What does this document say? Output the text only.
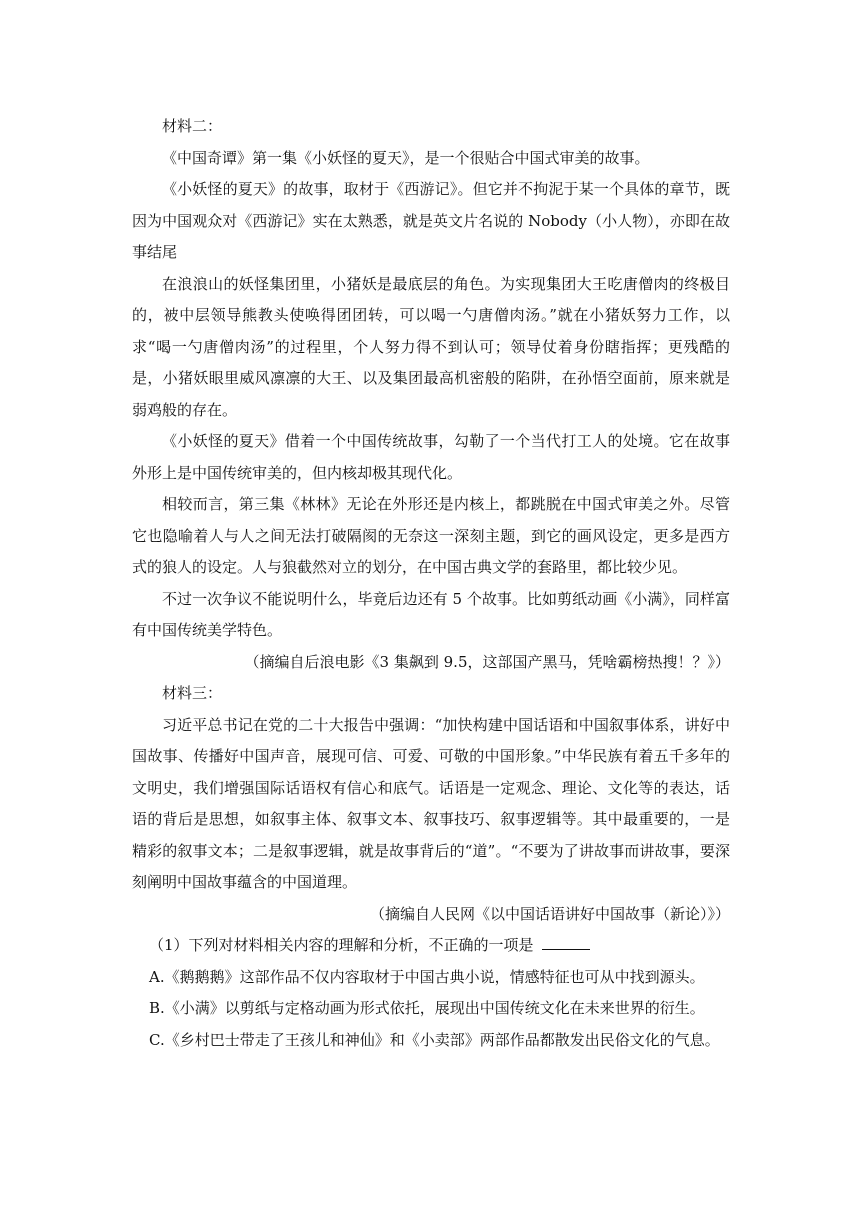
材料二：

《中国奇谭》第一集《小妖怪的夏天》，是一个很贴合中国式审美的故事。

《小妖怪的夏天》的故事，取材于《西游记》。但它并不拘泥于某一个具体的章节，既因为中国观众对《西游记》实在太熟悉，就是英文片名说的 Nobody（小人物），亦即在故事结尾

在浪浪山的妖怪集团里，小猪妖是最底层的角色。为实现集团大王吃唐僧肉的终极目的，被中层领导熊教头使唤得团团转，可以喝一勺唐僧肉汤。”就在小猪妖努力工作，以求“喝一勺唐僧肉汤”的过程里，个人努力得不到认可；领导仗着身份瞎指挥；更残酷的是，小猪妖眼里威风凛凛的大王、以及集团最高机密般的陷阱，在孙悟空面前，原来就是弱鸡般的存在。

《小妖怪的夏天》借着一个中国传统故事，勾勒了一个当代打工人的处境。它在故事外形上是中国传统审美的，但内核却极其现代化。

相较而言，第三集《林林》无论在外形还是内核上，都跳脱在中国式审美之外。尽管它也隐喻着人与人之间无法打破隔阂的无奈这一深刻主题，到它的画风设定，更多是西方式的狼人的设定。人与狼截然对立的划分，在中国古典文学的套路里，都比较少见。

不过一次争议不能说明什么，毕竟后边还有 5 个故事。比如剪纸动画《小满》，同样富有中国传统美学特色。

（摘编自后浪电影《3 集飙到 9.5，这部国产黑马，凭啥霸榜热搜！？》）

材料三：

习近平总书记在党的二十大报告中强调：“加快构建中国话语和中国叙事体系，讲好中国故事、传播好中国声音，展现可信、可爱、可敬的中国形象。”中华民族有着五千多年的文明史，我们增强国际话语权有信心和底气。话语是一定观念、理论、文化等的表达，话语的背后是思想，如叙事主体、叙事文本、叙事技巧、叙事逻辑等。其中最重要的，一是精彩的叙事文本；二是叙事逻辑，就是故事背后的“道”。“不要为了讲故事而讲故事，要深刻阐明中国故事蕴含的中国道理。

（摘编自人民网《以中国话语讲好中国故事（新论）》）

（1）下列对材料相关内容的理解和分析，不正确的一项是

A.《鹅鹅鹅》这部作品不仅内容取材于中国古典小说，情感特征也可从中找到源头。

B.《小满》以剪纸与定格动画为形式依托，展现出中国传统文化在未来世界的衍生。

C.《乡村巴士带走了王孩儿和神仙》和《小卖部》两部作品都散发出民俗文化的气息。
